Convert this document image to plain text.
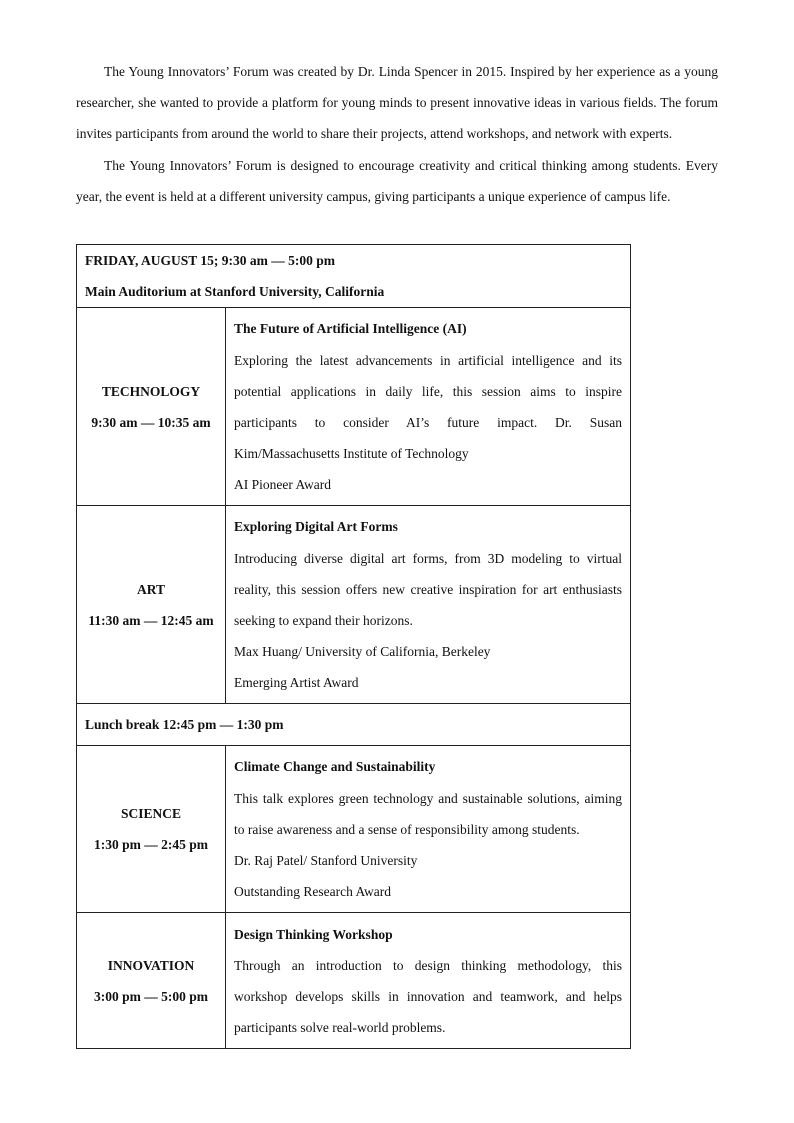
The Young Innovators’ Forum was created by Dr. Linda Spencer in 2015. Inspired by her experience as a young researcher, she wanted to provide a platform for young minds to present innovative ideas in various fields. The forum invites participants from around the world to share their projects, attend workshops, and network with experts.

The Young Innovators’ Forum is designed to encourage creativity and critical thinking among students. Every year, the event is held at a different university campus, giving participants a unique experience of campus life.

FRIDAY, AUGUST 15; 9:30 am — 5:00 pm
Main Auditorium at Stanford University, California	

TECHNOLOGY
9:30 am — 10:35 am	The Future of Artificial Intelligence (AI)
Exploring the latest advancements in artificial intelligence and its potential applications in daily life, this session aims to inspire participants to consider AI’s future impact. Dr. Susan Kim/Massachusetts Institute of Technology
AI Pioneer Award

ART
11:30 am — 12:45 am	Exploring Digital Art Forms
Introducing diverse digital art forms, from 3D modeling to virtual reality, this session offers new creative inspiration for art enthusiasts seeking to expand their horizons.
Max Huang/ University of California, Berkeley
Emerging Artist Award

Lunch break 12:45 pm — 1:30 pm	

SCIENCE
1:30 pm — 2:45 pm	Climate Change and Sustainability
This talk explores green technology and sustainable solutions, aiming to raise awareness and a sense of responsibility among students.
Dr. Raj Patel/ Stanford University
Outstanding Research Award

INNOVATION
3:00 pm — 5:00 pm	Design Thinking Workshop
Through an introduction to design thinking methodology, this workshop develops skills in innovation and teamwork, and helps participants solve real-world problems.
